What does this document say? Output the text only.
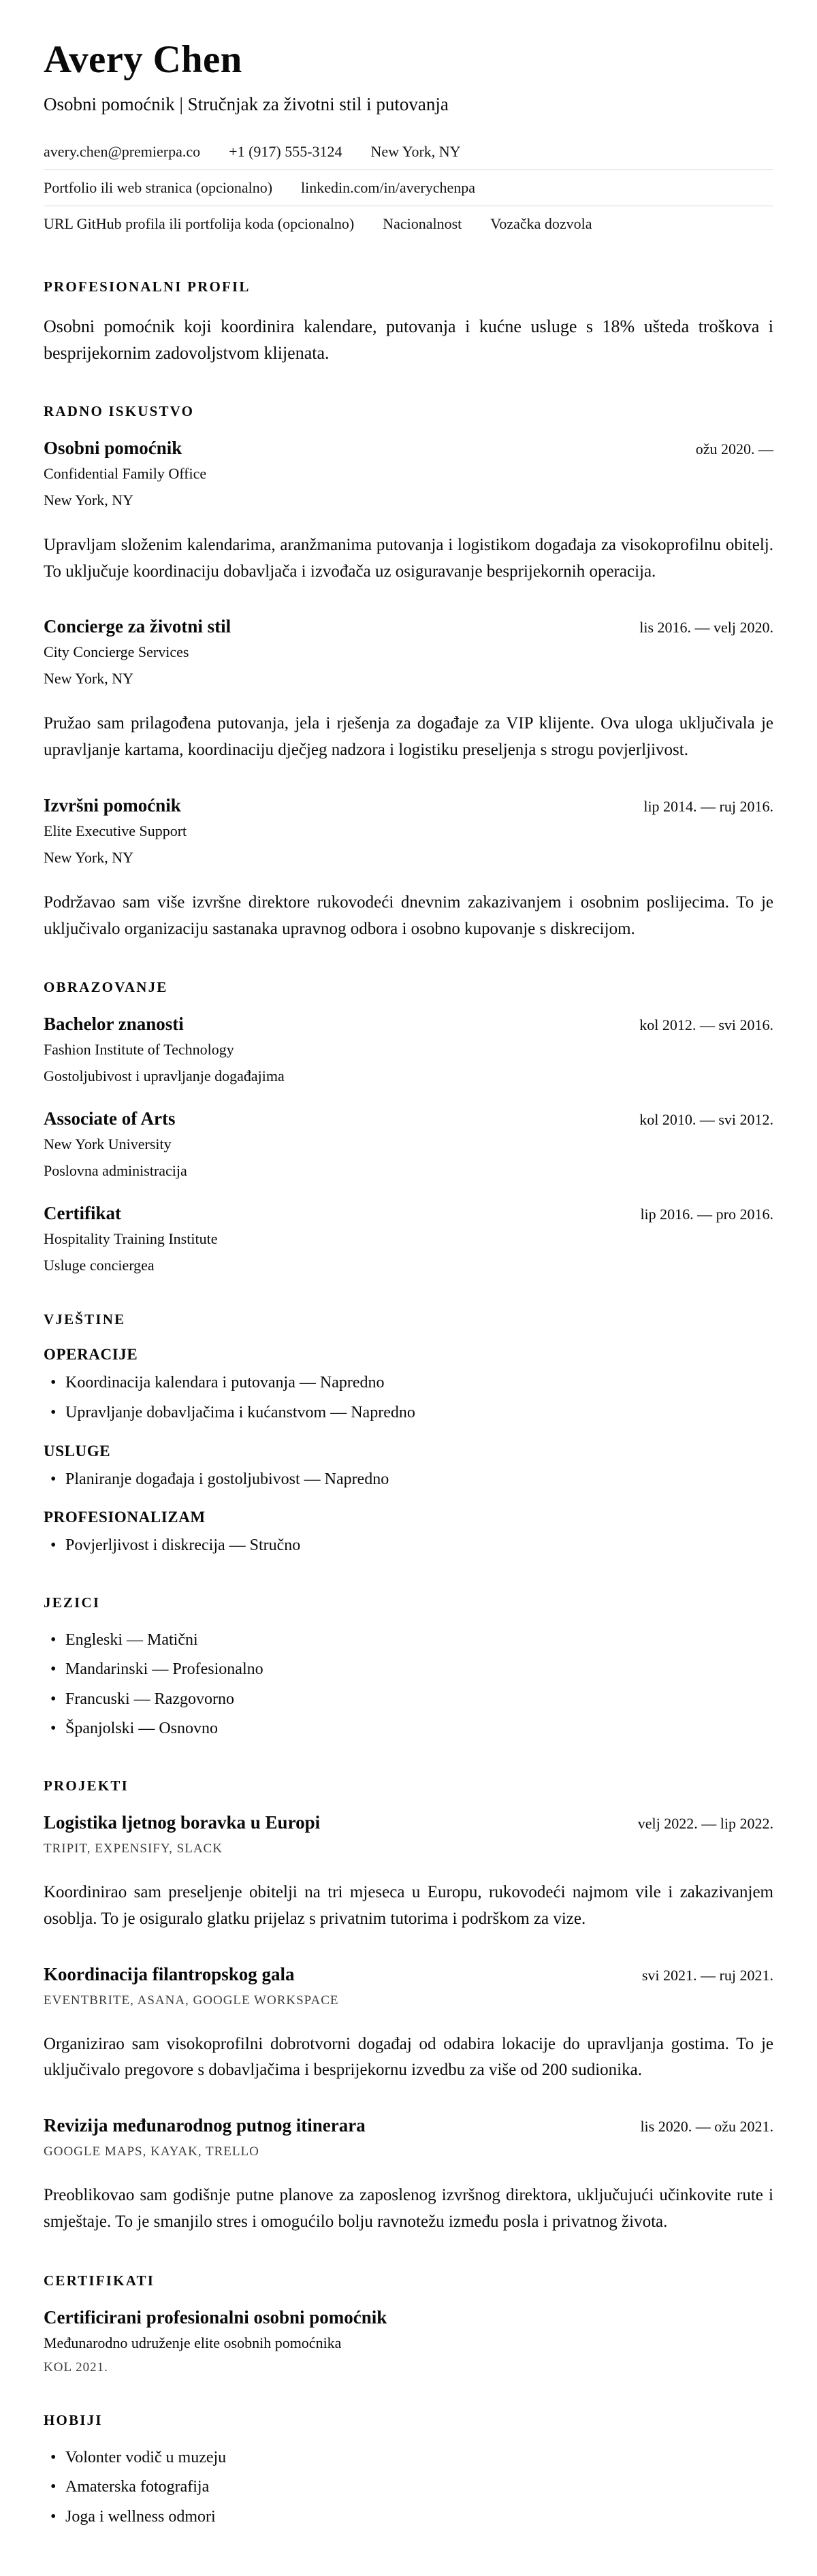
Avery Chen

Osobni pomoćnik | Stručnjak za životni stil i putovanja

avery.chen@premierpa.co +1 (917) 555-3124 New York, NY
Portfolio ili web stranica (opcionalno) linkedin.com/in/averychenpa
URL GitHub profila ili portfolija koda (opcionalno) Nacionalnost Vozačka dozvola
PROFESIONALNI PROFIL

Osobni pomoćnik koji koordinira kalendare, putovanja i kućne usluge s 18% ušteda troškova i besprijekornim zadovoljstvom klijenata.

RADNO ISKUSTVO
Osobni pomoćnik	ožu 2020. —

Confidential Family Office

New York, NY

Upravljam složenim kalendarima, aranžmanima putovanja i logistikom događaja za visokoprofilnu obitelj. To uključuje koordinaciju dobavljača i izvođača uz osiguravanje besprijekornih operacija.

Concierge za životni stil	lis 2016. — velj 2020.

City Concierge Services

New York, NY

Pružao sam prilagođena putovanja, jela i rješenja za događaje za VIP klijente. Ova uloga uključivala je upravljanje kartama, koordinaciju dječjeg nadzora i logistiku preseljenja s strogu povjerljivost.

Izvršni pomoćnik	lip 2014. — ruj 2016.

Elite Executive Support

New York, NY

Podržavao sam više izvršne direktore rukovodeći dnevnim zakazivanjem i osobnim poslijecima. To je uključivalo organizaciju sastanaka upravnog odbora i osobno kupovanje s diskrecijom.

OBRAZOVANJE
Bachelor znanosti	kol 2012. — svi 2016.

Fashion Institute of Technology

Gostoljubivost i upravljanje događajima

Associate of Arts	kol 2010. — svi 2012.

New York University

Poslovna administracija

Certifikat	lip 2016. — pro 2016.

Hospitality Training Institute

Usluge conciergea

VJEŠTINE
OPERACIJE
• Koordinacija kalendara i putovanja — Napredno
• Upravljanje dobavljačima i kućanstvom — Napredno
USLUGE
• Planiranje događaja i gostoljubivost — Napredno
PROFESIONALIZAM
• Povjerljivost i diskrecija — Stručno
JEZICI
• Engleski — Matični
• Mandarinski — Profesionalno
• Francuski — Razgovorno
• Španjolski — Osnovno
PROJEKTI
Logistika ljetnog boravka u Europi	velj 2022. — lip 2022.

TRIPIT, EXPENSIFY, SLACK

Koordinirao sam preseljenje obitelji na tri mjeseca u Europu, rukovodeći najmom vile i zakazivanjem osoblja. To je osiguralo glatku prijelaz s privatnim tutorima i podrškom za vize.

Koordinacija filantropskog gala	svi 2021. — ruj 2021.

EVENTBRITE, ASANA, GOOGLE WORKSPACE

Organizirao sam visokoprofilni dobrotvorni događaj od odabira lokacije do upravljanja gostima. To je uključivalo pregovore s dobavljačima i besprijekornu izvedbu za više od 200 sudionika.

Revizija međunarodnog putnog itinerara	lis 2020. — ožu 2021.

GOOGLE MAPS, KAYAK, TRELLO

Preoblikovao sam godišnje putne planove za zaposlenog izvršnog direktora, uključujući učinkovite rute i smještaje. To je smanjilo stres i omogućilo bolju ravnotežu između posla i privatnog života.

CERTIFIKATI
Certificirani profesionalni osobni pomoćnik

Međunarodno udruženje elite osobnih pomoćnika

KOL 2021.

HOBIJI
• Volonter vodič u muzeju
• Amaterska fotografija
• Joga i wellness odmori
